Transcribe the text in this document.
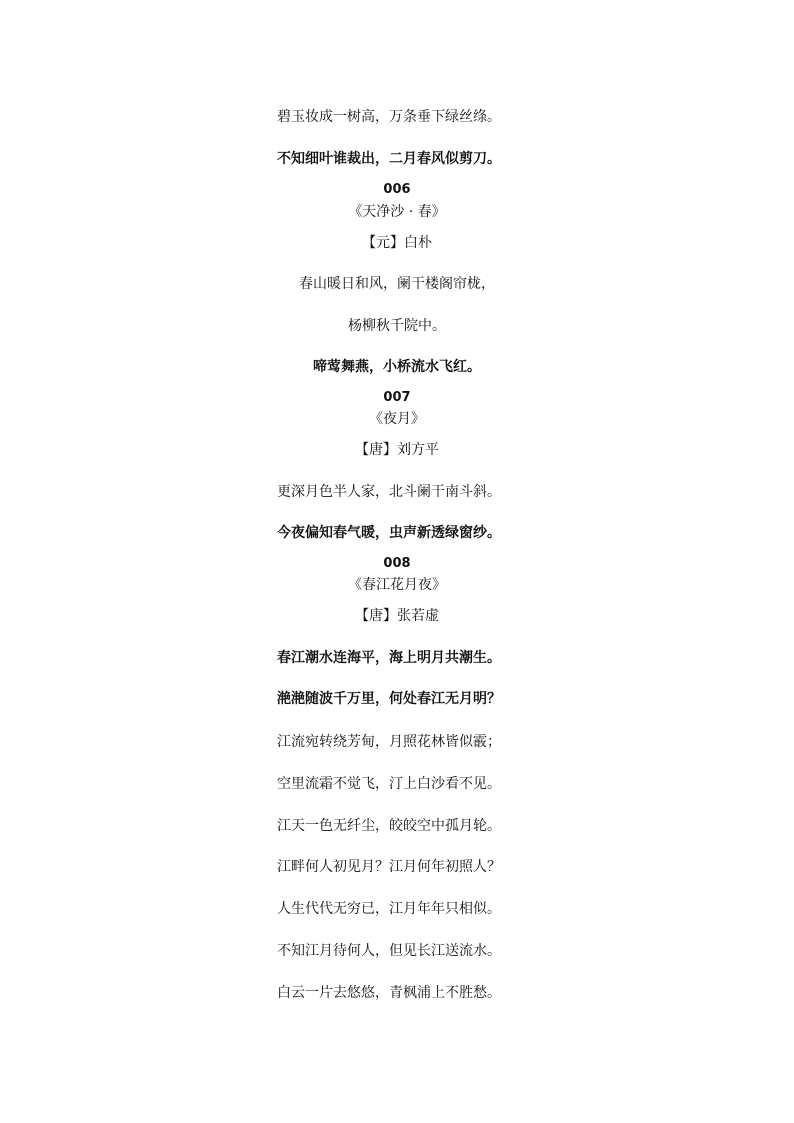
碧玉妆成一树高，万条垂下绿丝绦。
不知细叶谁裁出，二月春风似剪刀。
006
《天净沙 · 春》
【元】白朴
春山暖日和风，阑干楼阁帘栊，
杨柳秋千院中。
啼莺舞燕，小桥流水飞红。
007
《夜月》
【唐】刘方平
更深月色半人家，北斗阑干南斗斜。
今夜偏知春气暖，虫声新透绿窗纱。
008
《春江花月夜》
【唐】张若虚
春江潮水连海平，海上明月共潮生。
滟滟随波千万里，何处春江无月明？
江流宛转绕芳甸，月照花林皆似霰；
空里流霜不觉飞，汀上白沙看不见。
江天一色无纤尘，皎皎空中孤月轮。
江畔何人初见月？江月何年初照人？
人生代代无穷已，江月年年只相似。
不知江月待何人，但见长江送流水。
白云一片去悠悠，青枫浦上不胜愁。
